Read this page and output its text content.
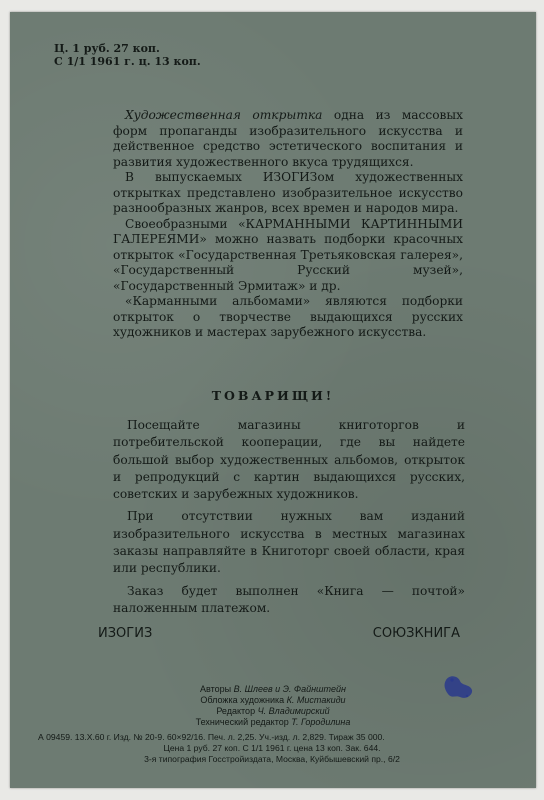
Ц. 1 руб. 27 коп.
С 1/1 1961 г. ц. 13 коп.

Художественная открытка одна из массовых форм пропаганды изобразительного искусства и действенное средство эстетического воспитания и развития художественного вкуса трудящихся.

В выпускаемых ИЗОГИЗом художественных открытках представлено изобразительное искусство разнообразных жанров, всех времен и народов мира.

Своеобразными «КАРМАННЫМИ КАРТИННЫМИ ГАЛЕРЕЯМИ» можно назвать подборки красочных открыток «Государственная Третьяковская галерея», «Государственный Русский музей», «Государственный Эрмитаж» и др.

«Карманными альбомами» являются подборки открыток о творчестве выдающихся русских художников и мастерах зарубежного искусства.

ТОВАРИЩИ!

Посещайте магазины книготоргов и потребительской кооперации, где вы найдете большой выбор художественных альбомов, открыток и репродукций с картин выдающихся русских, советских и зарубежных художников.

При отсутствии нужных вам изданий изобразительного искусства в местных магазинах заказы направляйте в Книготорг своей области, края или республики.

Заказ будет выполнен «Книга — почтой» наложенным платежом.

ИЗОГИЗ	СОЮЗКНИГА
Авторы В. Шлеев и Э. Файнштейн
Обложка художника К. Мистакиди
Редактор Ч. Владимирский
Технический редактор Т. Городилина
А 09459. 13.X.60 г. Изд. № 20-9. 60×92/16. Печ. л. 2,25. Уч.-изд. л. 2,829. Тираж 35 000.
Цена 1 руб. 27 коп. С 1/1 1961 г. цена 13 коп. Зак. 644.
3-я типография Госстройиздата, Москва, Куйбышевский пр., 6/2
